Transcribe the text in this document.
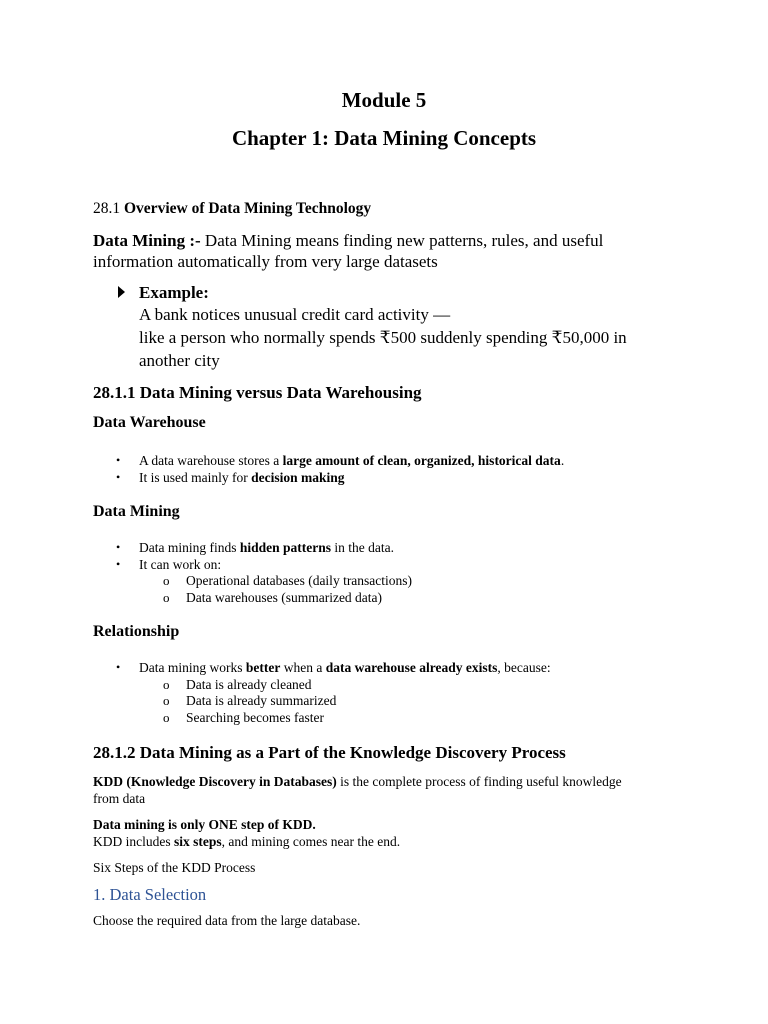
Module 5
Chapter 1: Data Mining Concepts
28.1 Overview of Data Mining Technology
Data Mining :- Data Mining means finding new patterns, rules, and useful
information automatically from very large datasets
Example:
A bank notices unusual credit card activity —
like a person who normally spends ₹500 suddenly spending ₹50,000 in
another city
28.1.1 Data Mining versus Data Warehousing
Data Warehouse
• A data warehouse stores a large amount of clean, organized, historical data.
• It is used mainly for decision making
Data Mining
• Data mining finds hidden patterns in the data.
• It can work on:
o Operational databases (daily transactions)
o Data warehouses (summarized data)
Relationship
• Data mining works better when a data warehouse already exists, because:
o Data is already cleaned
o Data is already summarized
o Searching becomes faster
28.1.2 Data Mining as a Part of the Knowledge Discovery Process
KDD (Knowledge Discovery in Databases) is the complete process of finding useful knowledge
from data
Data mining is only ONE step of KDD.
KDD includes six steps, and mining comes near the end.
Six Steps of the KDD Process
1. Data Selection
Choose the required data from the large database.
